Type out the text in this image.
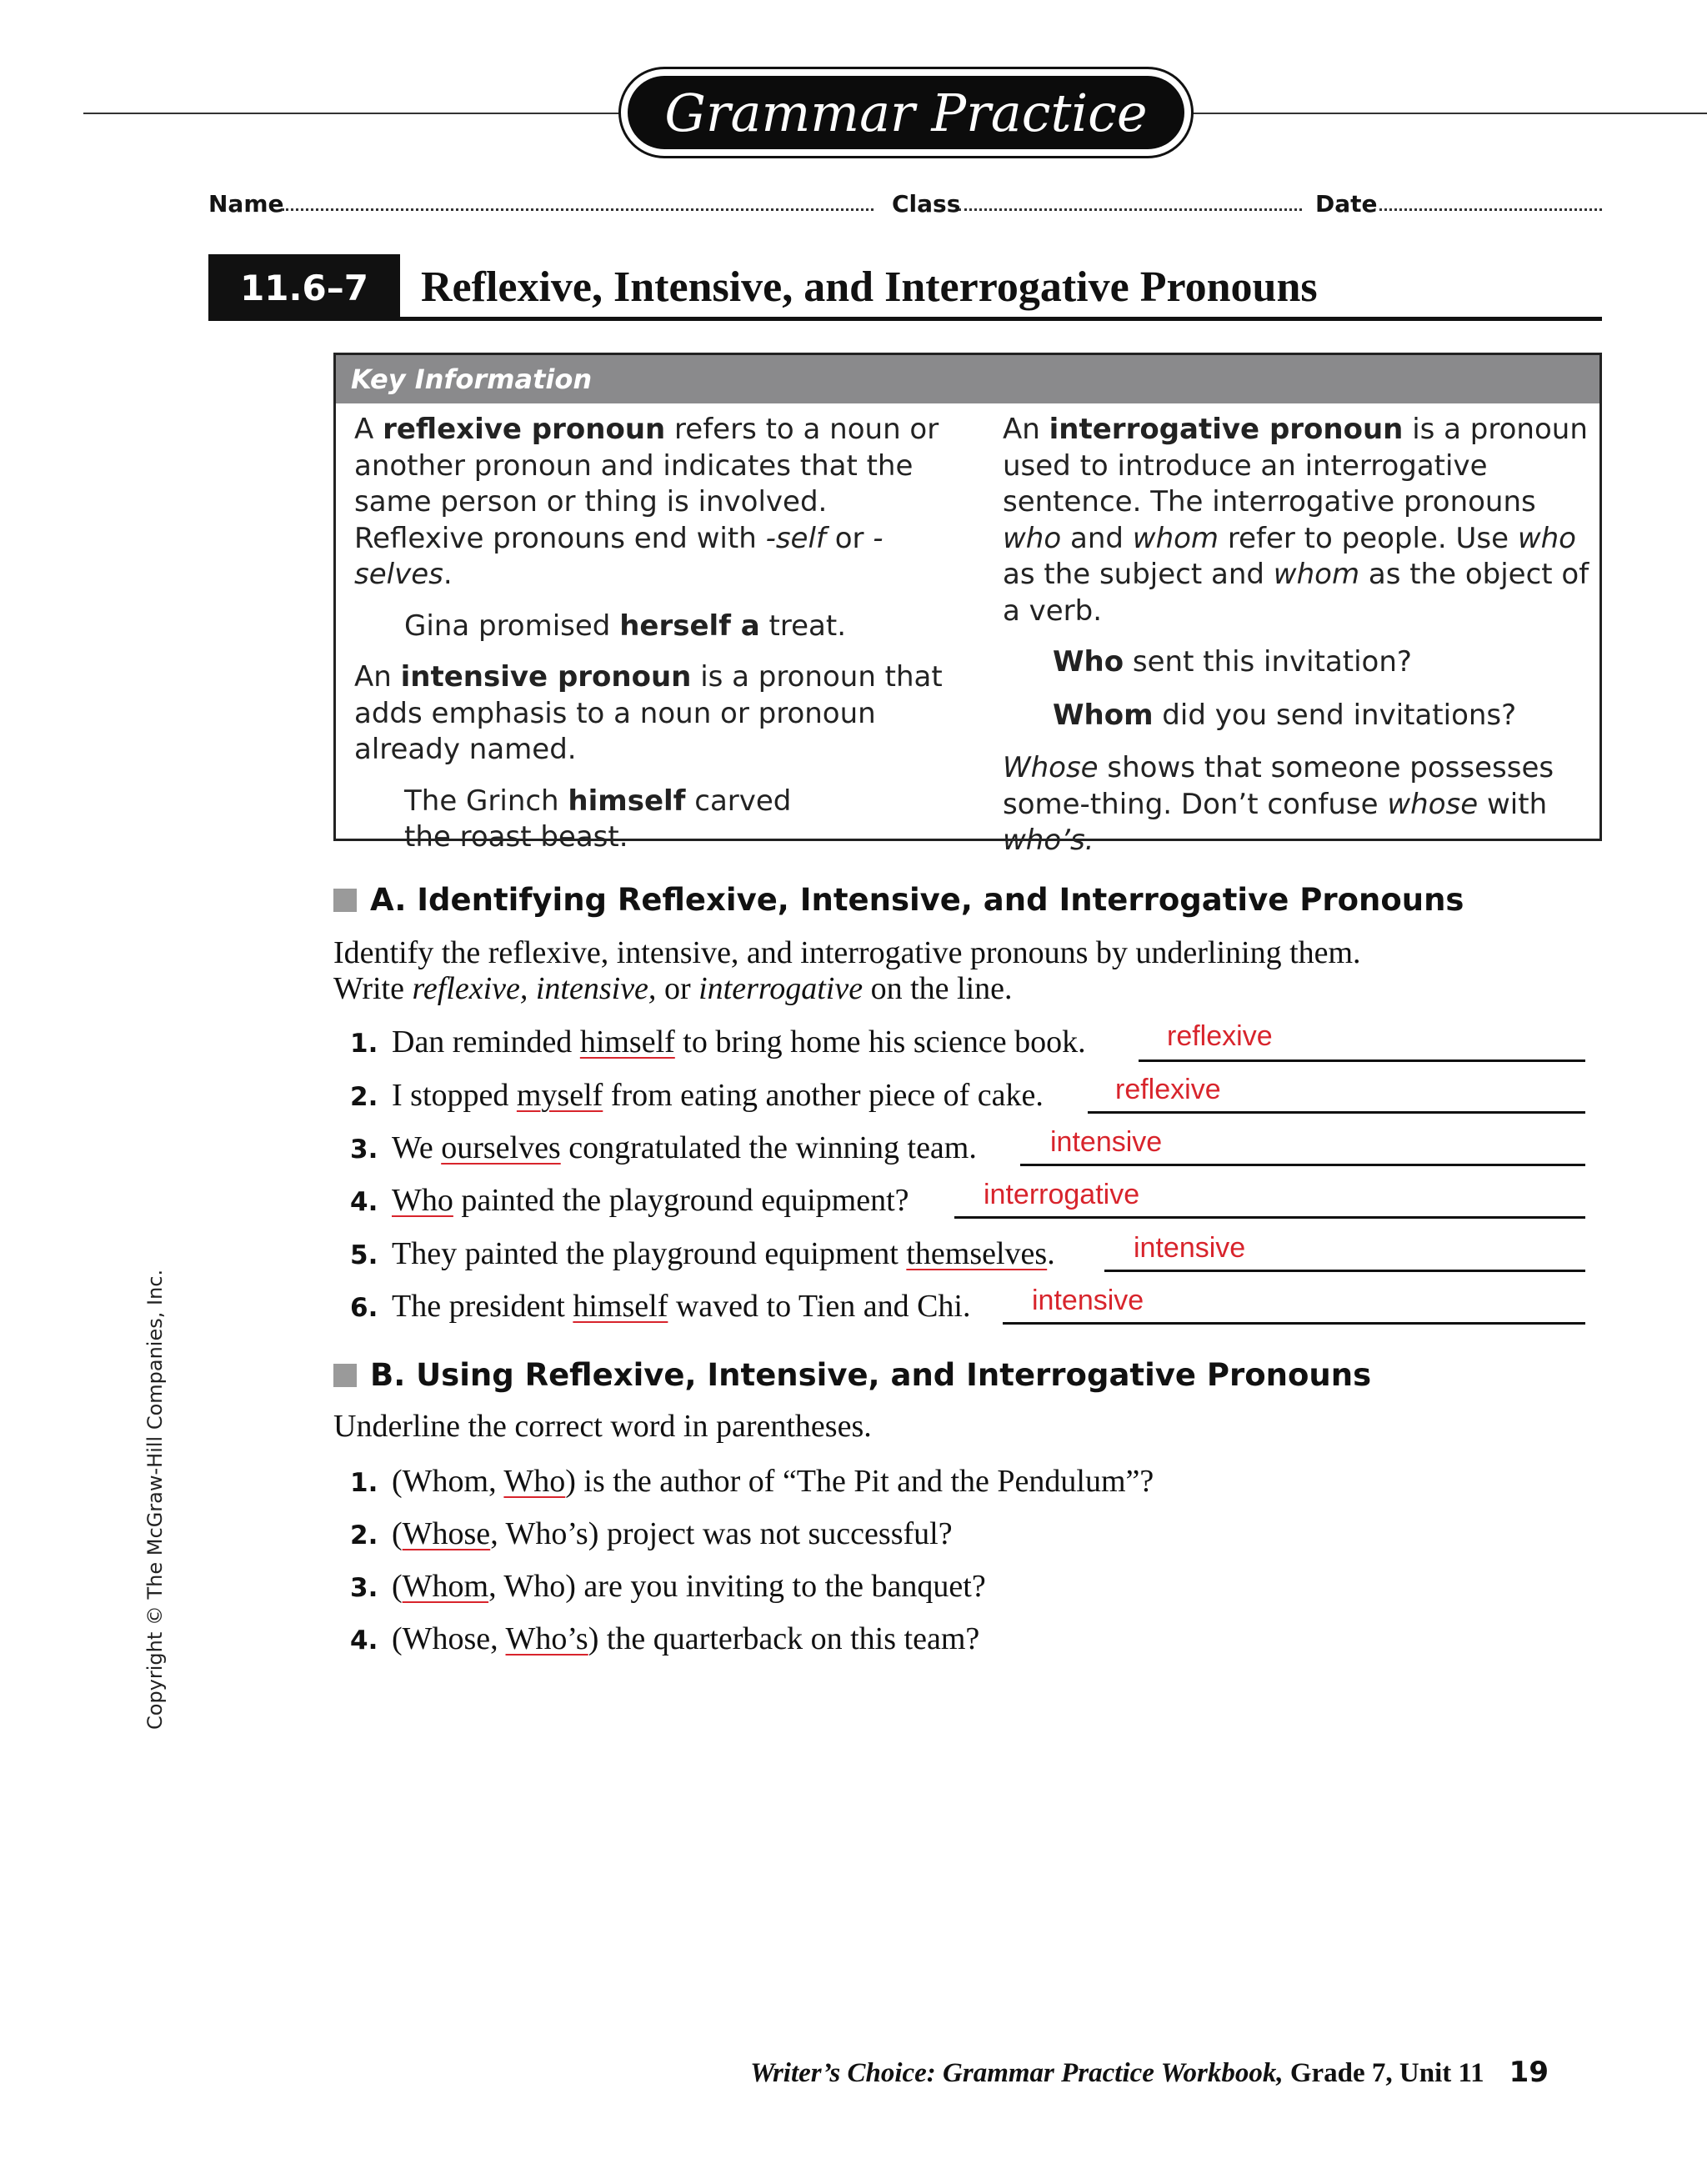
Grammar Practice
Name	Class	Date
11.6–7	Reflexive, Intensive, and Interrogative Pronouns
Key Information

A reflexive pronoun refers to a noun or another pronoun and indicates that the same person or thing is involved. Reflexive pronouns end with -self or -selves.

Gina promised herself a treat.

An intensive pronoun is a pronoun that adds emphasis to a noun or pronoun already named.

The Grinch himself carved the roast beast.

An interrogative pronoun is a pronoun used to introduce an interrogative sentence. The interrogative pronouns who and whom refer to people. Use who as the subject and whom as the object of a verb.

Who sent this invitation?

Whom did you send invitations?

Whose shows that someone possesses some-thing. Don’t confuse whose with who’s.

A. Identifying Reflexive, Intensive, and Interrogative Pronouns
Identify the reflexive, intensive, and interrogative pronouns by underlining them.
Write reflexive, intensive, or interrogative on the line.
1. Dan reminded himself to bring home his science book.	reflexive
2. I stopped myself from eating another piece of cake.	reflexive
3. We ourselves congratulated the winning team.	intensive
4. Who painted the playground equipment?	interrogative
5. They painted the playground equipment themselves.	intensive
6. The president himself waved to Tien and Chi. intensive
B. Using Reflexive, Intensive, and Interrogative Pronouns
Underline the correct word in parentheses.
1. (Whom, Who) is the author of “The Pit and the Pendulum”?
2. (Whose, Who’s) project was not successful?
3. (Whom, Who) are you inviting to the banquet?
4. (Whose, Who’s) the quarterback on this team?
Copyright © The McGraw-Hill Companies, Inc.
Writer’s Choice: Grammar Practice Workbook, Grade 7, Unit 11 19
